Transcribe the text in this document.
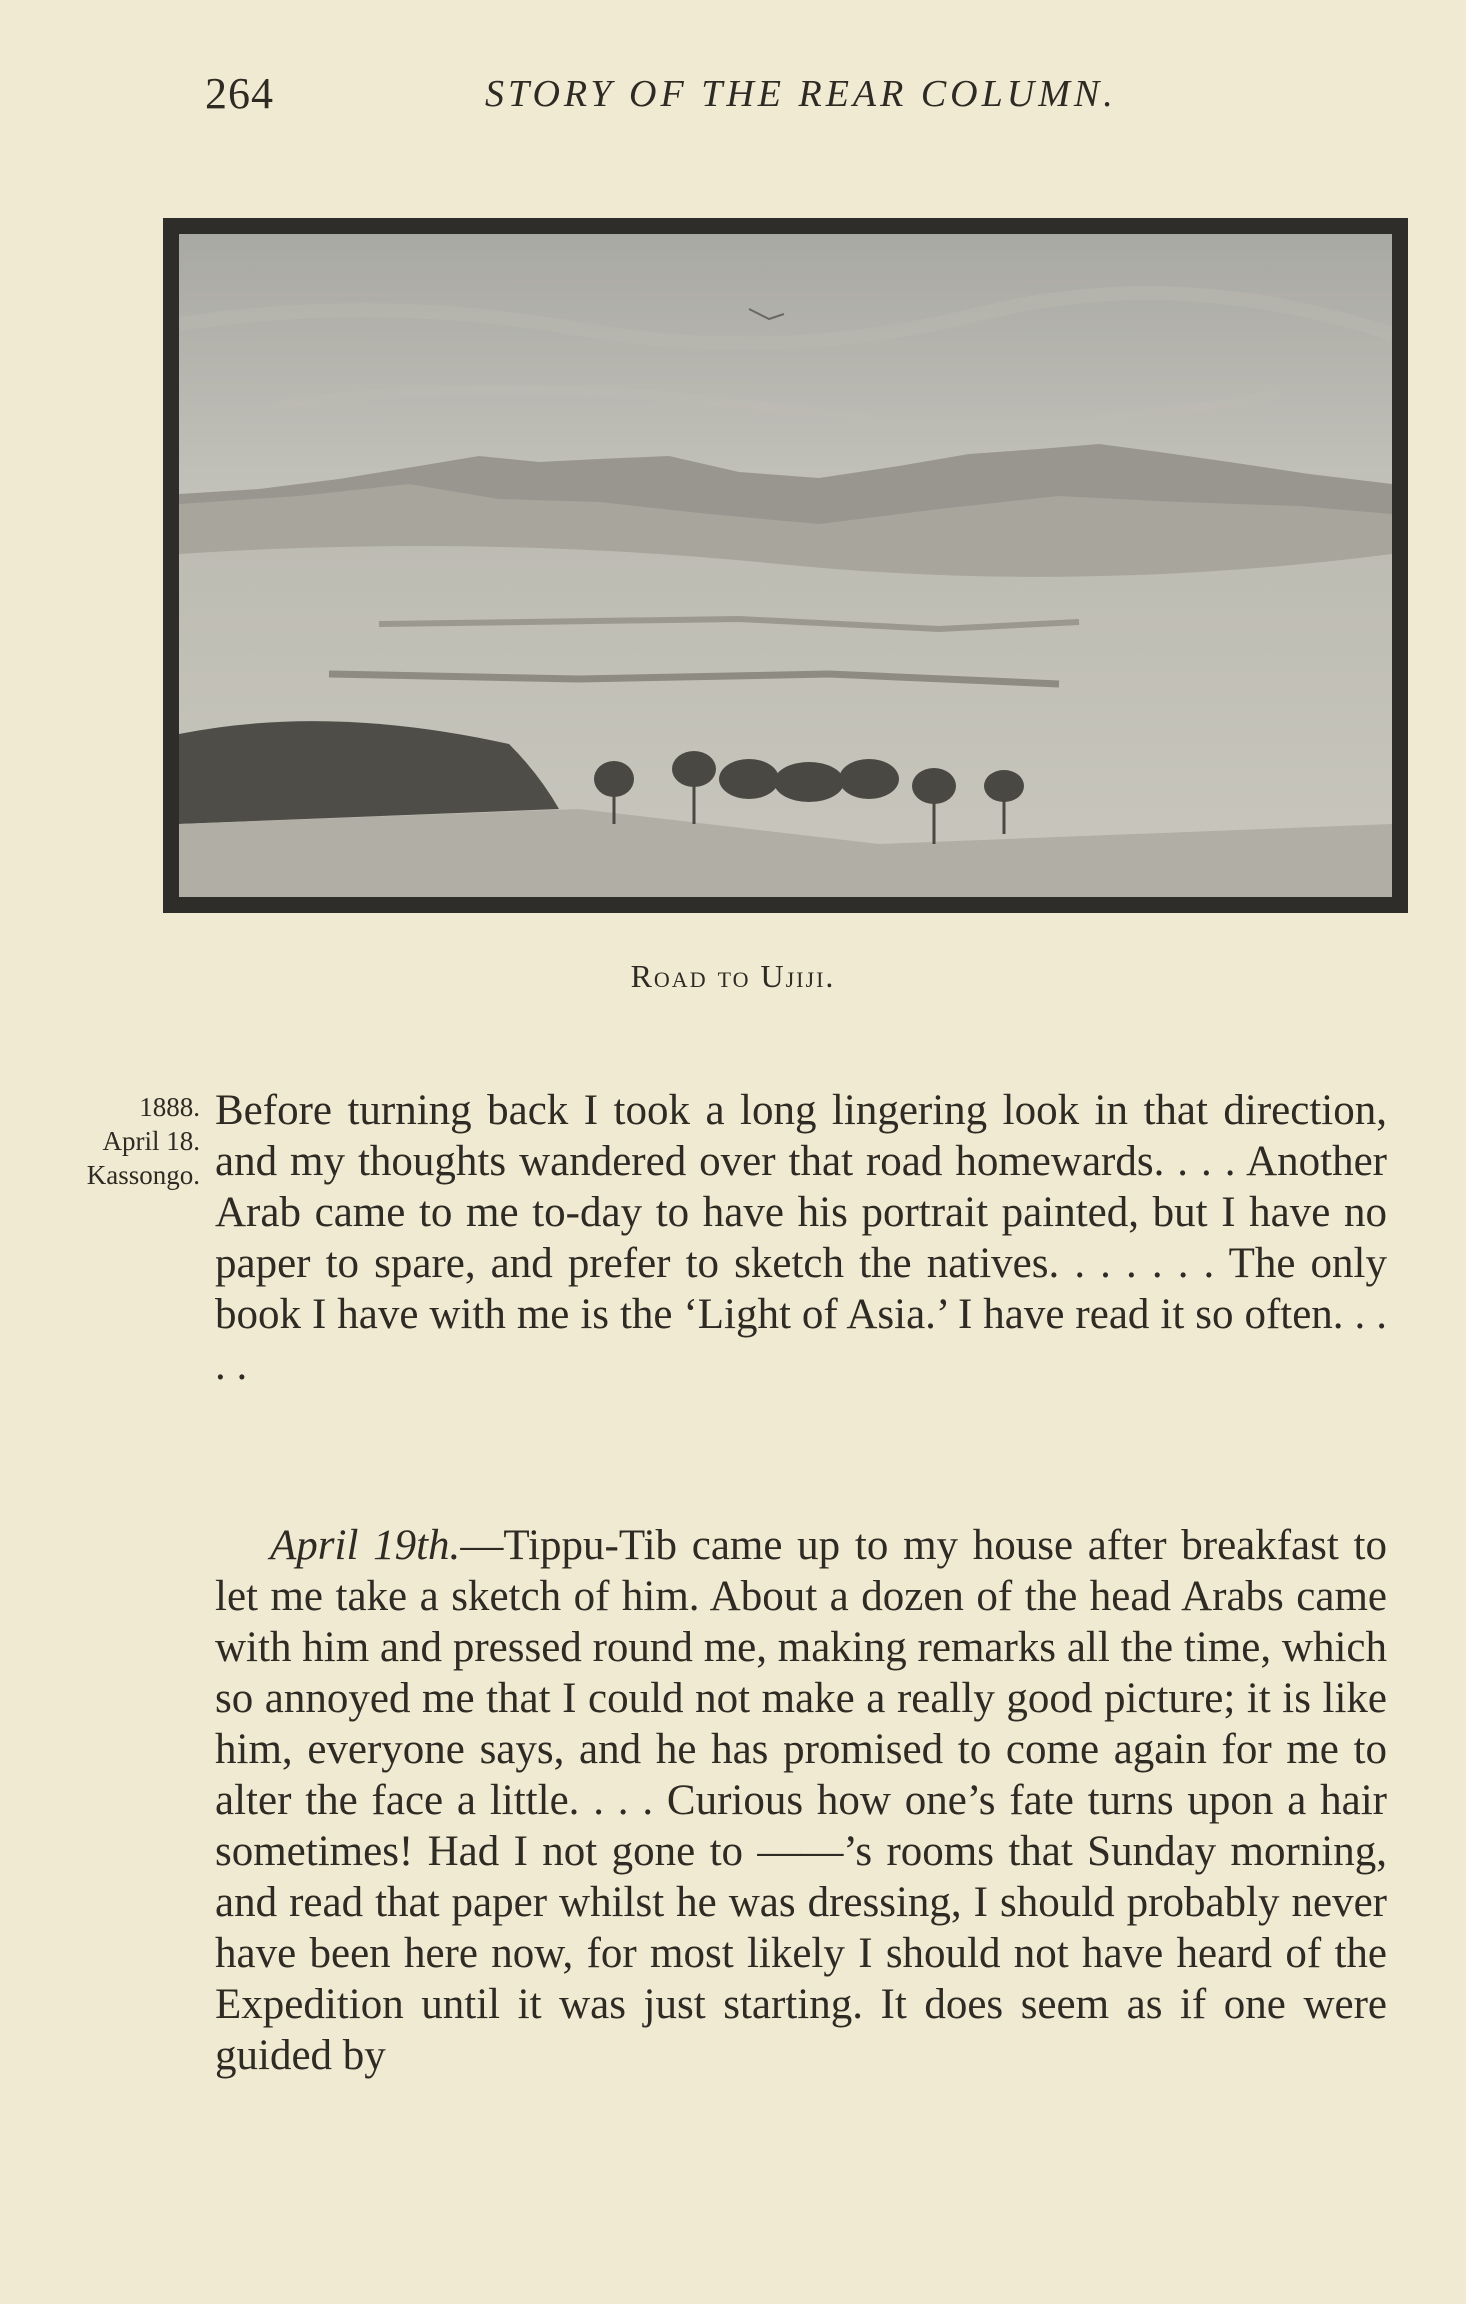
264	STORY OF THE REAR COLUMN.
Road to Ujiji.
1888.
April 18.
Kassongo.

Before turning back I took a long lingering look in that direction, and my thoughts wandered over that road homewards. . . . Another Arab came to me to-day to have his portrait painted, but I have no paper to spare, and prefer to sketch the natives. . . . . . . The only book I have with me is the ‘Light of Asia.’ I have read it so often. . . . .

April 19th.—Tippu-Tib came up to my house after breakfast to let me take a sketch of him. About a dozen of the head Arabs came with him and pressed round me, making remarks all the time, which so annoyed me that I could not make a really good picture; it is like him, everyone says, and he has promised to come again for me to alter the face a little. . . . Curious how one’s fate turns upon a hair sometimes! Had I not gone to ——’s rooms that Sunday morning, and read that paper whilst he was dressing, I should probably never have been here now, for most likely I should not have heard of the Expedition until it was just starting. It does seem as if one were guided by
